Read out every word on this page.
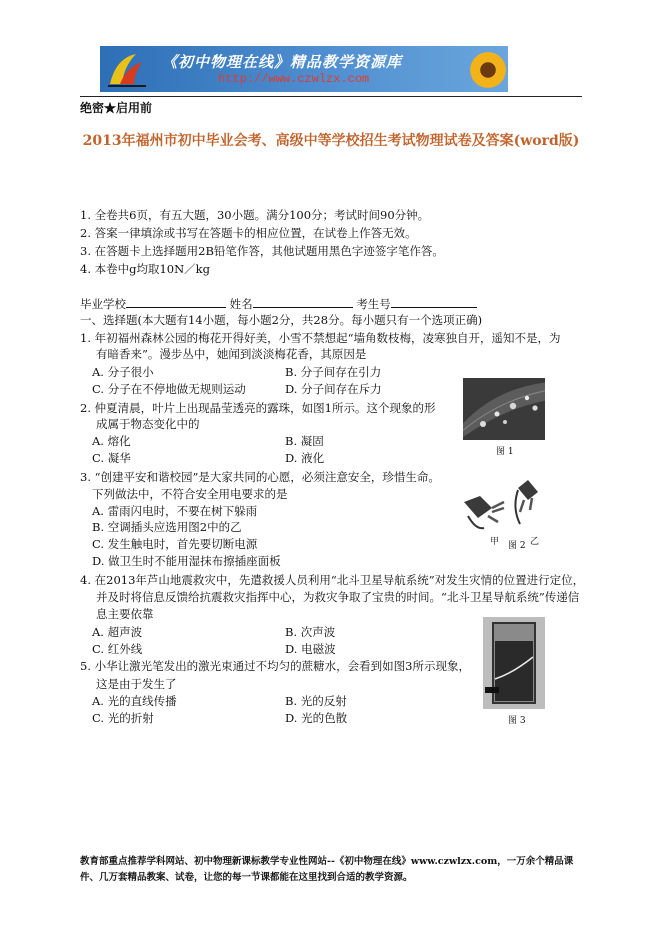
《初中物理在线》精品教学资源库
http://www.czwlzx.com
绝密★启用前
2013年福州市初中毕业会考、高级中等学校招生考试物理试卷及答案(word版)
1. 全卷共6页，有五大题，30小题。满分100分；考试时间90分钟。
2. 答案一律填涂或书写在答题卡的相应位置，在试卷上作答无效。
3. 在答题卡上选择题用2B铅笔作答，其他试题用黑色字迹签字笔作答。
4. 本卷中g均取10N／kg
毕业学校	姓名	考生号
一、选择题(本大题有14小题，每小题2分，共28分。每小题只有一个选项正确)
1. 年初福州森林公园的梅花开得好美，小雪不禁想起“墙角数枝梅，凌寒独自开，遥知不是，为
有暗香来”。漫步丛中，她闻到淡淡梅花香，其原因是
A. 分子很小	B. 分子间存在引力
C. 分子在不停地做无规则运动	D. 分子间存在斥力
图 1
2. 仲夏清晨，叶片上出现晶莹透亮的露珠，如图1所示。这个现象的形
成属于物态变化中的
A. 熔化	B. 凝固
C. 凝华	D. 液化
3. “创建平安和谐校园”是大家共同的心愿，必须注意安全，珍惜生命。
下列做法中，不符合安全用电要求的是
A. 雷雨闪电时，不要在树下躲雨
B. 空调插头应选用图2中的乙
C. 发生触电时，首先要切断电源
D. 做卫生时不能用湿抹布擦插座面板
甲 图 2 乙
4. 在2013年芦山地震救灾中，先遣救援人员利用“北斗卫星导航系统”对发生灾情的位置进行定位，
并及时将信息反馈给抗震救灾指挥中心，为救灾争取了宝贵的时间。“北斗卫星导航系统”传递信
息主要依靠
A. 超声波	B. 次声波
C. 红外线	D. 电磁波
图 3
5. 小华让激光笔发出的激光束通过不均匀的蔗糖水，会看到如图3所示现象，
这是由于发生了
A. 光的直线传播	B. 光的反射
C. 光的折射	D. 光的色散
教育部重点推荐学科网站、初中物理新课标教学专业性网站--《初中物理在线》www.czwlzx.com，一万余个精品课
件、几万套精品教案、试卷，让您的每一节课都能在这里找到合适的教学资源。
